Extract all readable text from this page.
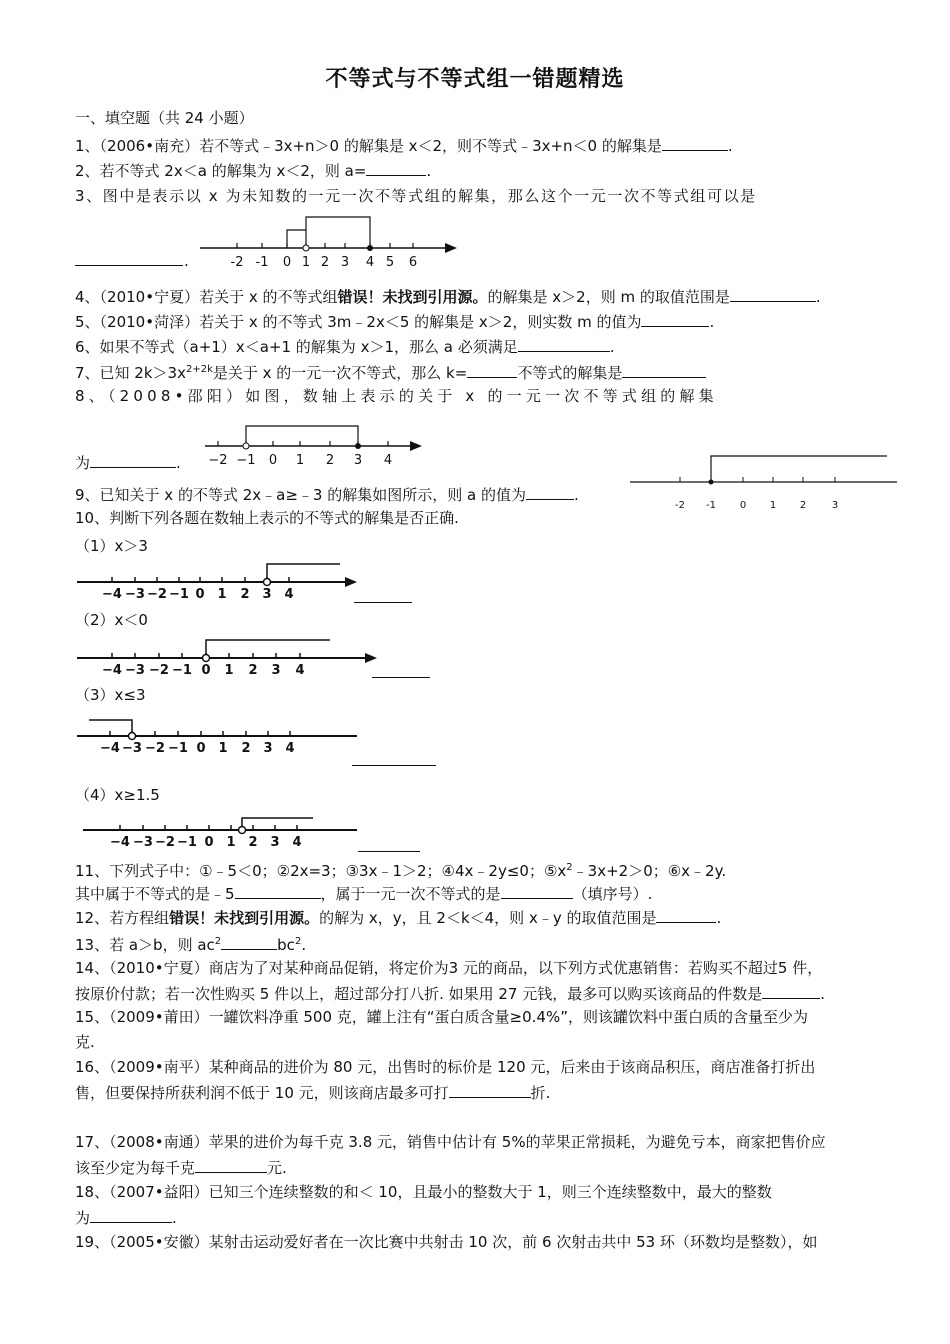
不等式与不等式组一错题精选
一、填空题（共 24 小题）
1、（2006•南充）若不等式﹣3x+n＞0 的解集是 x＜2，则不等式﹣3x+n＜0 的解集是	.
2、若不等式 2x＜a 的解集为 x＜2，则 a=	.
3、图中是表示以 x 为未知数的一元一次不等式组的解集，那么这个一元一次不等式组可以是
-2 -1 0 1 2 3 4 5 6
.
4、（2010•宁夏）若关于 x 的不等式组错误！未找到引用源。的解集是 x＞2，则 m 的取值范围是	.
5、（2010•菏泽）若关于 x 的不等式 3m﹣2x＜5 的解集是 x＞2，则实数 m 的值为	.
6、如果不等式（a+1）x＜a+1 的解集为 x＞1，那么 a 必须满足	.
7、已知 $2k>3x^{2+2k}$是关于 x 的一元一次不等式，那么 k=	不等式的解集是
8、（2008•邵阳）如图，数轴上表示的关于 x 的一元一次不等式组的解集
−2 −1 0 1 2 3 4
为	.
-2 -1 0 1 2	3
9、已知关于 x 的不等式 2x﹣a≥﹣3 的解集如图所示，则 a 的值为	.
10、判断下列各题在数轴上表示的不等式的解集是否正确.
（1）x＞3
−4 −3 −2 −1 0 1 2 3 4
（2）x＜0
−4 −3 −2 −1 0 1 2 3 4
（3）x≤3
−4 −3 −2 −1 0 1 2 3 4
（4）x≥1.5
−4 −3 −2 −1 0 1 2 3 4
11、下列式子中：①﹣5＜0；②2x=3；③3x﹣1＞2；④4x﹣2y≤0；$⑤x^2﹣3x+2>0$；⑥x﹣2y.
其中属于不等式的是﹣5	，属于一元一次不等式的是	（填序号）.
12、若方程组错误！未找到引用源。的解为 x，y，且 2＜k＜4，则 x﹣y 的取值范围是	.
13、若 a＞b，则 $ac^2$	$bc^2$.
14、（2010•宁夏）商店为了对某种商品促销，将定价为3 元的商品，以下列方式优惠销售：若购买不超过5 件，
按原价付款；若一次性购买 5 件以上，超过部分打八折. 如果用 27 元钱，最多可以购买该商品的件数是	.
15、（2009•莆田）一罐饮料净重 500 克，罐上注有“蛋白质含量≥0.4%”，则该罐饮料中蛋白质的含量至少为
克.
16、（2009•南平）某种商品的进价为 80 元，出售时的标价是 120 元，后来由于该商品积压，商店准备打折出
售，但要保持所获利润不低于 10 元，则该商店最多可打	折.
17、（2008•南通）苹果的进价为每千克 3.8 元，销售中估计有 5%的苹果正常损耗，为避免亏本，商家把售价应
该至少定为每千克	元.
18、（2007•益阳）已知三个连续整数的和＜ 10，且最小的整数大于 1，则三个连续整数中，最大的整数
为	.
19、（2005•安徽）某射击运动爱好者在一次比赛中共射击 10 次，前 6 次射击共中 53 环（环数均是整数），如
